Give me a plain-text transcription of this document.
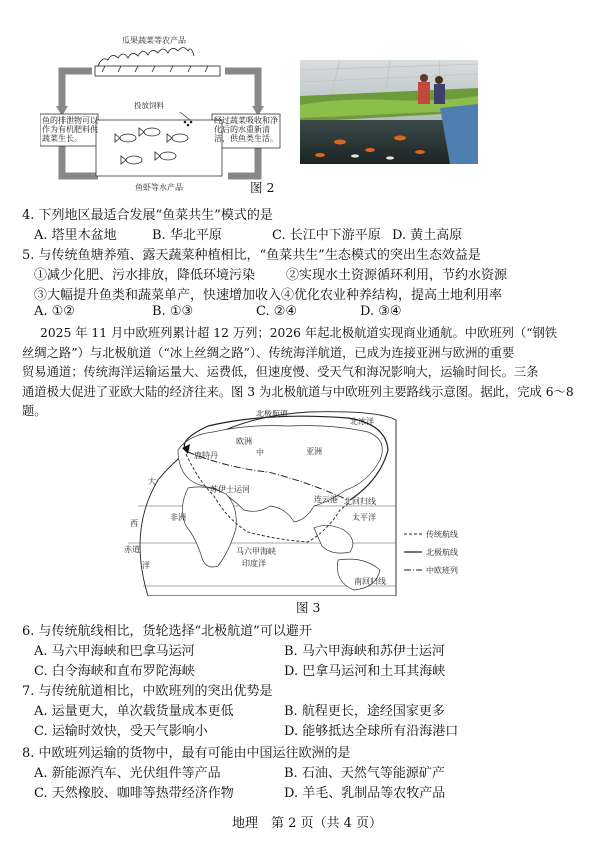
瓜果蔬菜等农产品
投放饲料
鱼虾等水产品
鱼的排泄物可以作为有机肥料供蔬菜生长。
经过蔬菜吸收和净化后的水重新清洁，供鱼类生活。
图 2
4. 下列地区最适合发展“鱼菜共生”模式的是
A. 塔里木盆地	B. 华北平原	C. 长江中下游平原 D. 黄土高原
5. 与传统鱼塘养殖、露天蔬菜种植相比，“鱼菜共生”生态模式的突出生态效益是
①减少化肥、污水排放，降低环境污染 ②实现水土资源循环利用，节约水资源
③大幅提升鱼类和蔬菜单产，快速增加收入④优化农业种养结构，提高土地利用率
A. ①②	B. ①③	C. ②④	D. ③④
2025 年 11 月中欧班列累计超 12 万列；2026 年起北极航道实现商业通航。中欧班列（“钢铁
丝绸之路”）与北极航道（“冰上丝绸之路”）、传统海洋航道，已成为连接亚洲与欧洲的重要
贸易通道；传统海洋运输运量大、运费低，但速度慢、受天气和海况影响大，运输时间长。三条
通道极大促进了亚欧大陆的经济往来。图 3 为北极航道与中欧班列主要路线示意图。据此，完成 6～8
题。	北极航道
北冰洋
欧洲
中	亚洲
鹿特丹
苏伊士运河
连云港 北回归线
太平洋
大
非洲
西
赤道
洋
马六甲海峡
印度洋
南回归线
传统航线
北极航线
中欧班列
图 3
6. 与传统航线相比，货轮选择“北极航道”可以避开
A. 马六甲海峡和巴拿马运河	B. 马六甲海峡和苏伊士运河
C. 白令海峡和直布罗陀海峡	D. 巴拿马运河和土耳其海峡
7. 与传统航道相比，中欧班列的突出优势是
A. 运量更大，单次载货量成本更低	B. 航程更长，途经国家更多
C. 运输时效快，受天气影响小	D. 能够抵达全球所有沿海港口
8. 中欧班列运输的货物中，最有可能由中国运往欧洲的是
A. 新能源汽车、光伏组件等产品	B. 石油、天然气等能源矿产
C. 天然橡胶、咖啡等热带经济作物	D. 羊毛、乳制品等农牧产品
地理　第 2 页（共 4 页）
